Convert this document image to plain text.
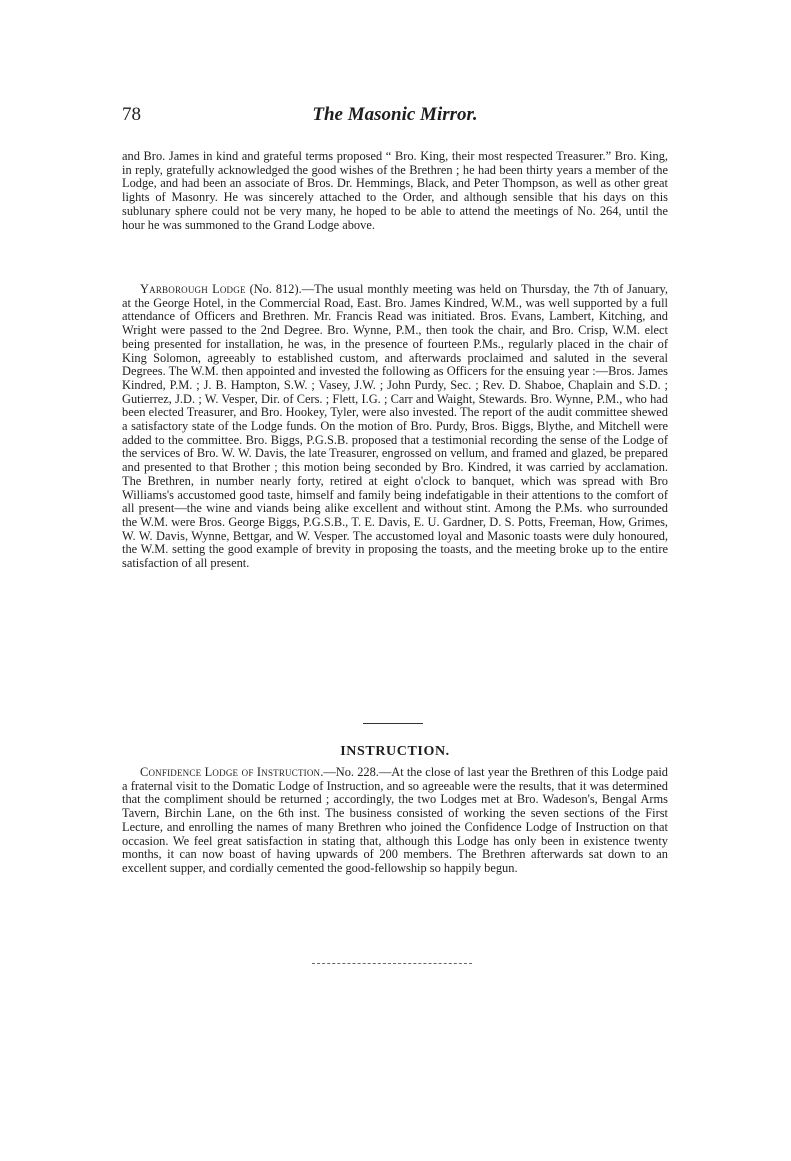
78	The Masonic Mirror.

and Bro. James in kind and grateful terms proposed “ Bro. King, their most respected Treasurer.” Bro. King, in reply, gratefully acknowledged the good wishes of the Brethren ; he had been thirty years a member of the Lodge, and had been an associate of Bros. Dr. Hemmings, Black, and Peter Thompson, as well as other great lights of Masonry. He was sincerely attached to the Order, and although sensible that his days on this sublunary sphere could not be very many, he hoped to be able to attend the meetings of No. 264, until the hour he was summoned to the Grand Lodge above.

Yarborough Lodge (No. 812).—The usual monthly meeting was held on Thursday, the 7th of January, at the George Hotel, in the Commercial Road, East. Bro. James Kindred, W.M., was well supported by a full attendance of Officers and Brethren. Mr. Francis Read was initiated. Bros. Evans, Lambert, Kitching, and Wright were passed to the 2nd Degree. Bro. Wynne, P.M., then took the chair, and Bro. Crisp, W.M. elect being presented for installation, he was, in the presence of fourteen P.Ms., regularly placed in the chair of King Solomon, agreeably to established custom, and afterwards proclaimed and saluted in the several Degrees. The W.M. then appointed and invested the following as Officers for the ensuing year :—Bros. James Kindred, P.M. ; J. B. Hampton, S.W. ; Vasey, J.W. ; John Purdy, Sec. ; Rev. D. Shaboe, Chaplain and S.D. ; Gutierrez, J.D. ; W. Vesper, Dir. of Cers. ; Flett, I.G. ; Carr and Waight, Stewards. Bro. Wynne, P.M., who had been elected Treasurer, and Bro. Hookey, Tyler, were also invested. The report of the audit committee shewed a satisfactory state of the Lodge funds. On the motion of Bro. Purdy, Bros. Biggs, Blythe, and Mitchell were added to the committee. Bro. Biggs, P.G.S.B. proposed that a testimonial recording the sense of the Lodge of the services of Bro. W. W. Davis, the late Treasurer, engrossed on vellum, and framed and glazed, be prepared and presented to that Brother ; this motion being seconded by Bro. Kindred, it was carried by acclamation. The Brethren, in number nearly forty, retired at eight o'clock to banquet, which was spread with Bro Williams's accustomed good taste, himself and family being indefatigable in their attentions to the comfort of all present—the wine and viands being alike excellent and without stint. Among the P.Ms. who surrounded the W.M. were Bros. George Biggs, P.G.S.B., T. E. Davis, E. U. Gardner, D. S. Potts, Freeman, How, Grimes, W. W. Davis, Wynne, Bettgar, and W. Vesper. The accustomed loyal and Masonic toasts were duly honoured, the W.M. setting the good example of brevity in proposing the toasts, and the meeting broke up to the entire satisfaction of all present.

INSTRUCTION.

Confidence Lodge of Instruction.—No. 228.—At the close of last year the Brethren of this Lodge paid a fraternal visit to the Domatic Lodge of Instruction, and so agreeable were the results, that it was determined that the compliment should be returned ; accordingly, the two Lodges met at Bro. Wadeson's, Bengal Arms Tavern, Birchin Lane, on the 6th inst. The business consisted of working the seven sections of the First Lecture, and enrolling the names of many Brethren who joined the Confidence Lodge of Instruction on that occasion. We feel great satisfaction in stating that, although this Lodge has only been in existence twenty months, it can now boast of having upwards of 200 members. The Brethren afterwards sat down to an excellent supper, and cordially cemented the good-fellowship so happily begun.
